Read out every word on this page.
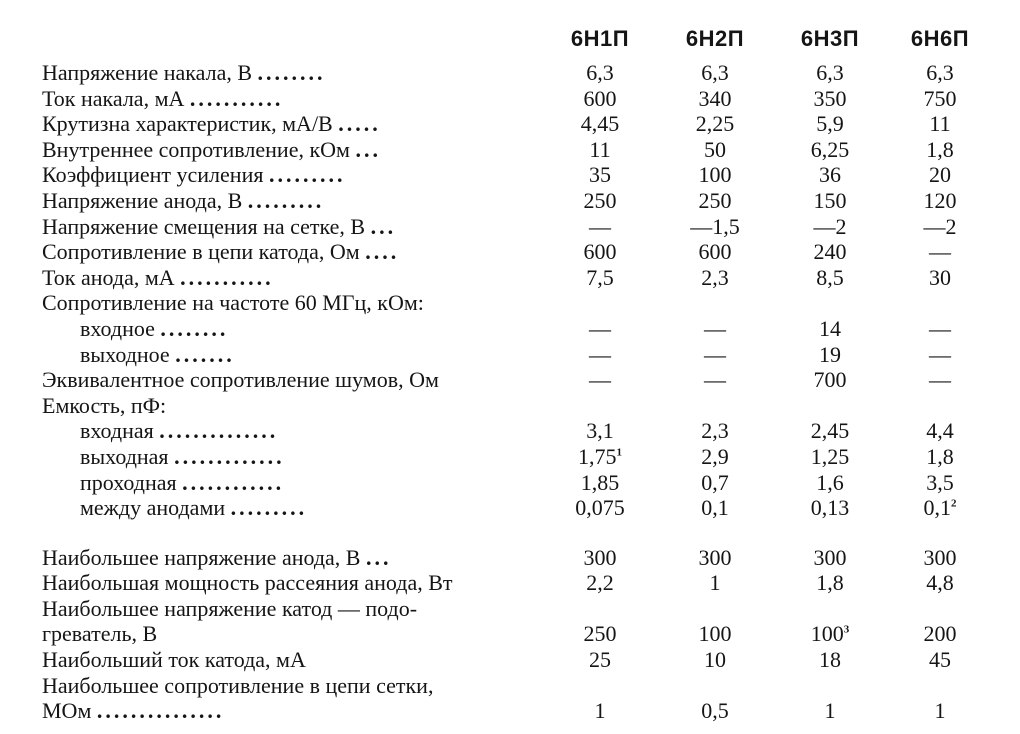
6Н1П	6Н2П	6Н3П	6Н6П
Напряжение накала, В ........	6,3	6,3	6,3	6,3
Ток накала, мА ...........	600	340	350	750
Крутизна характеристик, мА/В .....	4,45	2,25	5,9	11
Внутреннее сопротивление, кОм ...	11	50	6,25	1,8
Коэффициент усиления .........	35	100	36	20
Напряжение анода, В .........	250	250	150	120
Напряжение смещения на сетке, В ...	—	—1,5	—2	—2
Сопротивление в цепи катода, Ом ....	600	600	240	—
Ток анода, мА ...........	7,5	2,3	8,5	30
Сопротивление на частоте 60 МГц, кОм:
входное ........	—	—	14	—
выходное .......	—	—	19	—
Эквивалентное сопротивление шумов, Ом	—	—	700	—
Емкость, пФ:
входная ..............	3,1	2,3	2,45	4,4
выходная .............	1,75$^1$	2,9	1,25	1,8
проходная ............	1,85	0,7	1,6	3,5
между анодами .........	0,075	0,1	0,13	$0,1^2$
Наибольшее напряжение анода, В ...	300	300	300	300
Наибольшая мощность рассеяния анода, Вт	2,2	1	1,8	4,8
Наибольшее напряжение катод — подо-
греватель, В	250	100	$100^3$	200
Наибольший ток катода, мА	25	10	18	45
Наибольшее сопротивление в цепи сетки,
МОм ...............	1	0,5	1	1
